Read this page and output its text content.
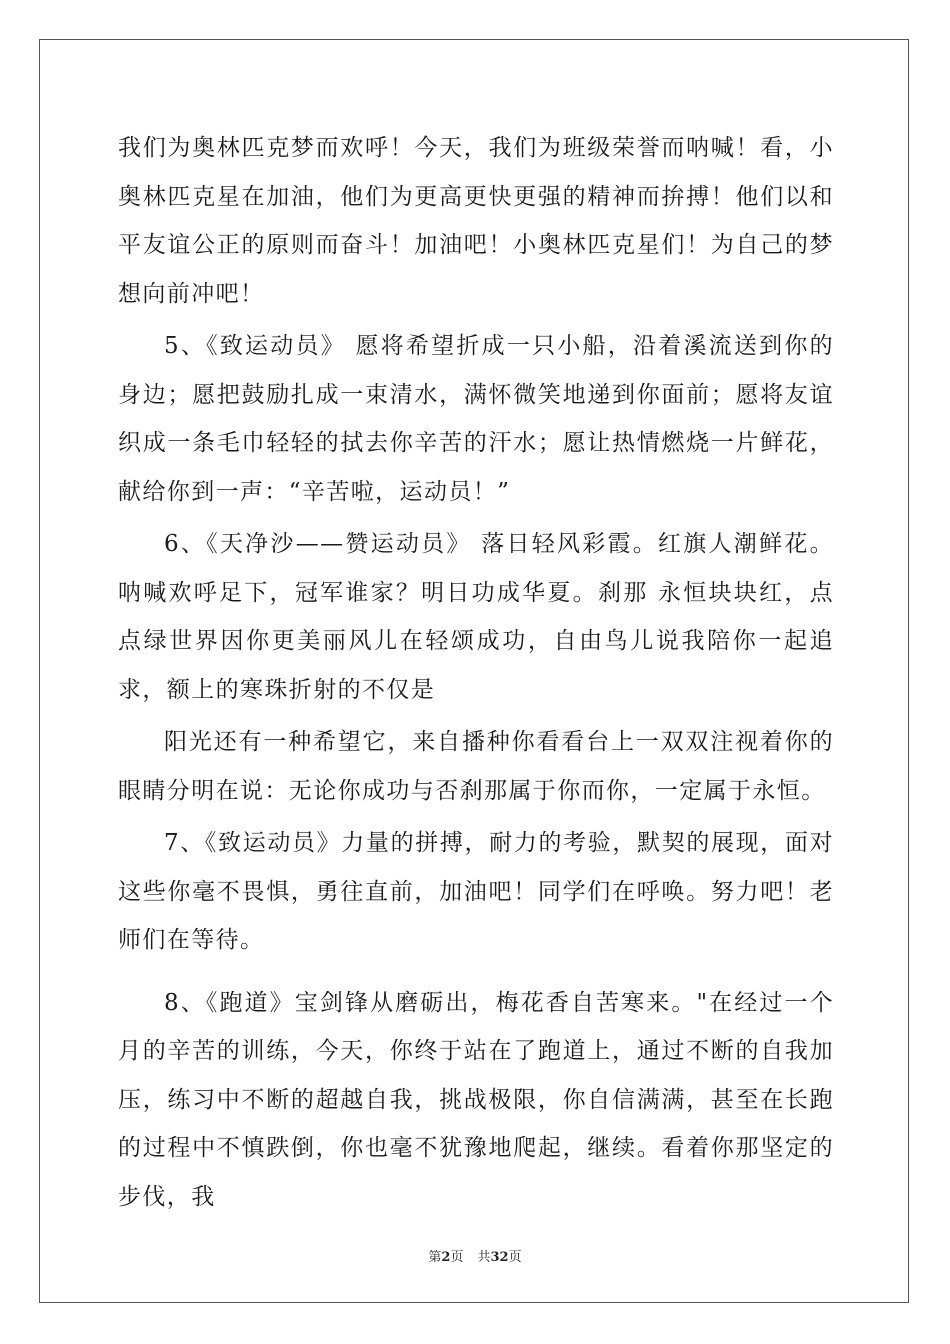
我们为奥林匹克梦而欢呼！今天，我们为班级荣誉而呐喊！看，小奥林匹克星在加油，他们为更高更快更强的精神而拚搏！他们以和平友谊公正的原则而奋斗！加油吧！小奥林匹克星们！为自己的梦想向前冲吧！

5、《致运动员》 愿将希望折成一只小船，沿着溪流送到你的身边；愿把鼓励扎成一束清水，满怀微笑地递到你面前；愿将友谊织成一条毛巾轻轻的拭去你辛苦的汗水；愿让热情燃烧一片鲜花，献给你到一声：“辛苦啦，运动员！”

6、《天净沙——赞运动员》 落日轻风彩霞。红旗人潮鲜花。呐喊欢呼足下，冠军谁家？明日功成华夏。刹那 永恒块块红，点点绿世界因你更美丽风儿在轻颂成功，自由鸟儿说我陪你一起追求，额上的寒珠折射的不仅是

阳光还有一种希望它，来自播种你看看台上一双双注视着你的眼睛分明在说：无论你成功与否刹那属于你而你，一定属于永恒。

7、《致运动员》力量的拼搏，耐力的考验，默契的展现，面对这些你毫不畏惧，勇往直前，加油吧！同学们在呼唤。努力吧！老师们在等待。

8、《跑道》宝剑锋从磨砺出，梅花香自苦寒来。"在经过一个月的辛苦的训练，今天，你终于站在了跑道上，通过不断的自我加压，练习中不断的超越自我，挑战极限，你自信满满，甚至在长跑的过程中不慎跌倒，你也毫不犹豫地爬起，继续。看着你那坚定的步伐，我

第2页 共32页
